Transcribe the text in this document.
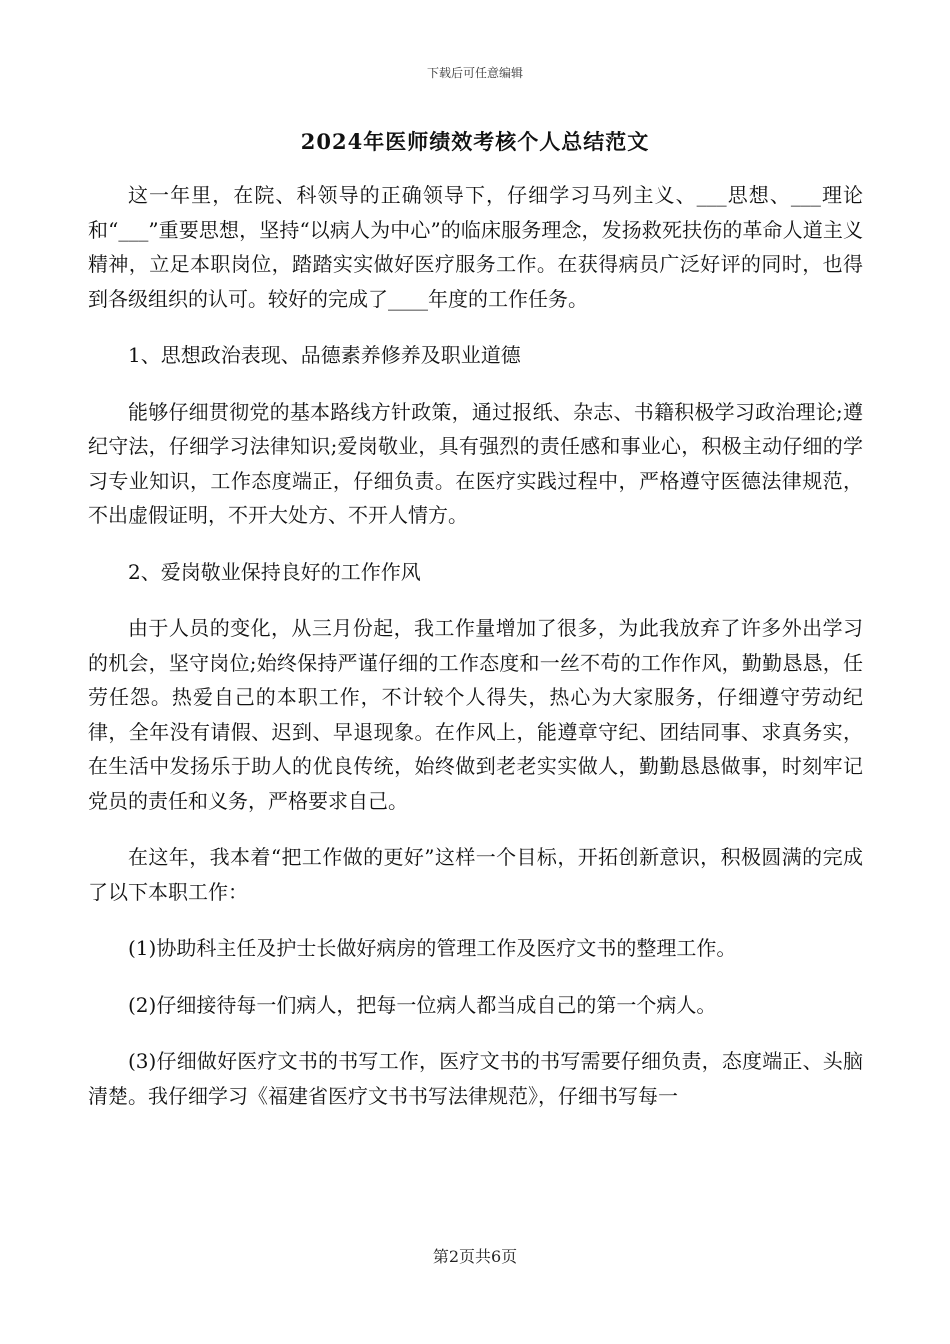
下载后可任意编辑
2024年医师绩效考核个人总结范文

这一年里，在院、科领导的正确领导下，仔细学习马列主义、___思想、___理论和“___”重要思想，坚持“以病人为中心”的临床服务理念，发扬救死扶伤的革命人道主义精神，立足本职岗位，踏踏实实做好医疗服务工作。在获得病员广泛好评的同时，也得到各级组织的认可。较好的完成了____年度的工作任务。

1、思想政治表现、品德素养修养及职业道德

能够仔细贯彻党的基本路线方针政策，通过报纸、杂志、书籍积极学习政治理论;遵纪守法，仔细学习法律知识;爱岗敬业，具有强烈的责任感和事业心，积极主动仔细的学习专业知识，工作态度端正，仔细负责。在医疗实践过程中，严格遵守医德法律规范，不出虚假证明，不开大处方、不开人情方。

2、爱岗敬业保持良好的工作作风

由于人员的变化，从三月份起，我工作量增加了很多，为此我放弃了许多外出学习的机会，坚守岗位;始终保持严谨仔细的工作态度和一丝不苟的工作作风，勤勤恳恳，任劳任怨。热爱自己的本职工作，不计较个人得失，热心为大家服务，仔细遵守劳动纪律，全年没有请假、迟到、早退现象。在作风上，能遵章守纪、团结同事、求真务实，在生活中发扬乐于助人的优良传统，始终做到老老实实做人，勤勤恳恳做事，时刻牢记党员的责任和义务，严格要求自己。

在这年，我本着“把工作做的更好”这样一个目标，开拓创新意识，积极圆满的完成了以下本职工作：

(1)协助科主任及护士长做好病房的管理工作及医疗文书的整理工作。

(2)仔细接待每一们病人，把每一位病人都当成自己的第一个病人。

(3)仔细做好医疗文书的书写工作，医疗文书的书写需要仔细负责，态度端正、头脑清楚。我仔细学习《福建省医疗文书书写法律规范》，仔细书写每一

第2页共6页
